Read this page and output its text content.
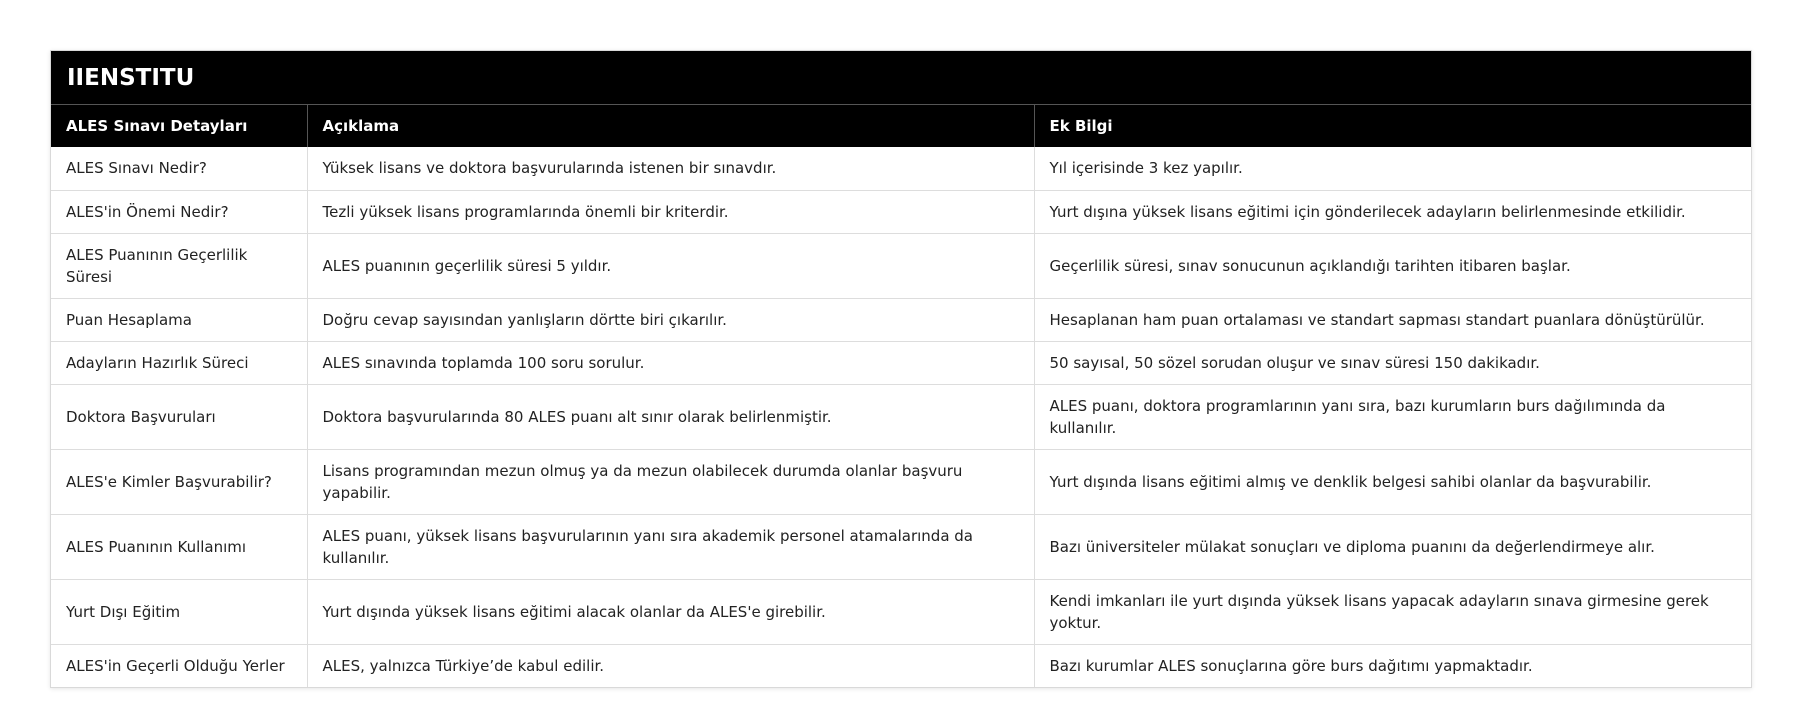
IIENSTITU
ALES Sınavı Detayları	Açıklama	Ek Bilgi
ALES Sınavı Nedir?	Yüksek lisans ve doktora başvurularında istenen bir sınavdır.	Yıl içerisinde 3 kez yapılır.
ALES'in Önemi Nedir?	Tezli yüksek lisans programlarında önemli bir kriterdir.	Yurt dışına yüksek lisans eğitimi için gönderilecek adayların belirlenmesinde etkilidir.
ALES Puanının Geçerlilik Süresi	ALES puanının geçerlilik süresi 5 yıldır.	Geçerlilik süresi, sınav sonucunun açıklandığı tarihten itibaren başlar.
Puan Hesaplama	Doğru cevap sayısından yanlışların dörtte biri çıkarılır.	Hesaplanan ham puan ortalaması ve standart sapması standart puanlara dönüştürülür.
Adayların Hazırlık Süreci	ALES sınavında toplamda 100 soru sorulur.	50 sayısal, 50 sözel sorudan oluşur ve sınav süresi 150 dakikadır.
Doktora Başvuruları	Doktora başvurularında 80 ALES puanı alt sınır olarak belirlenmiştir.	ALES puanı, doktora programlarının yanı sıra, bazı kurumların burs dağılımında da kullanılır.
ALES'e Kimler Başvurabilir?	Lisans programından mezun olmuş ya da mezun olabilecek durumda olanlar başvuru yapabilir.	Yurt dışında lisans eğitimi almış ve denklik belgesi sahibi olanlar da başvurabilir.
ALES Puanının Kullanımı	ALES puanı, yüksek lisans başvurularının yanı sıra akademik personel atamalarında da kullanılır.	Bazı üniversiteler mülakat sonuçları ve diploma puanını da değerlendirmeye alır.
Yurt Dışı Eğitim	Yurt dışında yüksek lisans eğitimi alacak olanlar da ALES'e girebilir.	Kendi imkanları ile yurt dışında yüksek lisans yapacak adayların sınava girmesine gerek yoktur.
ALES'in Geçerli Olduğu Yerler	ALES, yalnızca Türkiye’de kabul edilir.	Bazı kurumlar ALES sonuçlarına göre burs dağıtımı yapmaktadır.
